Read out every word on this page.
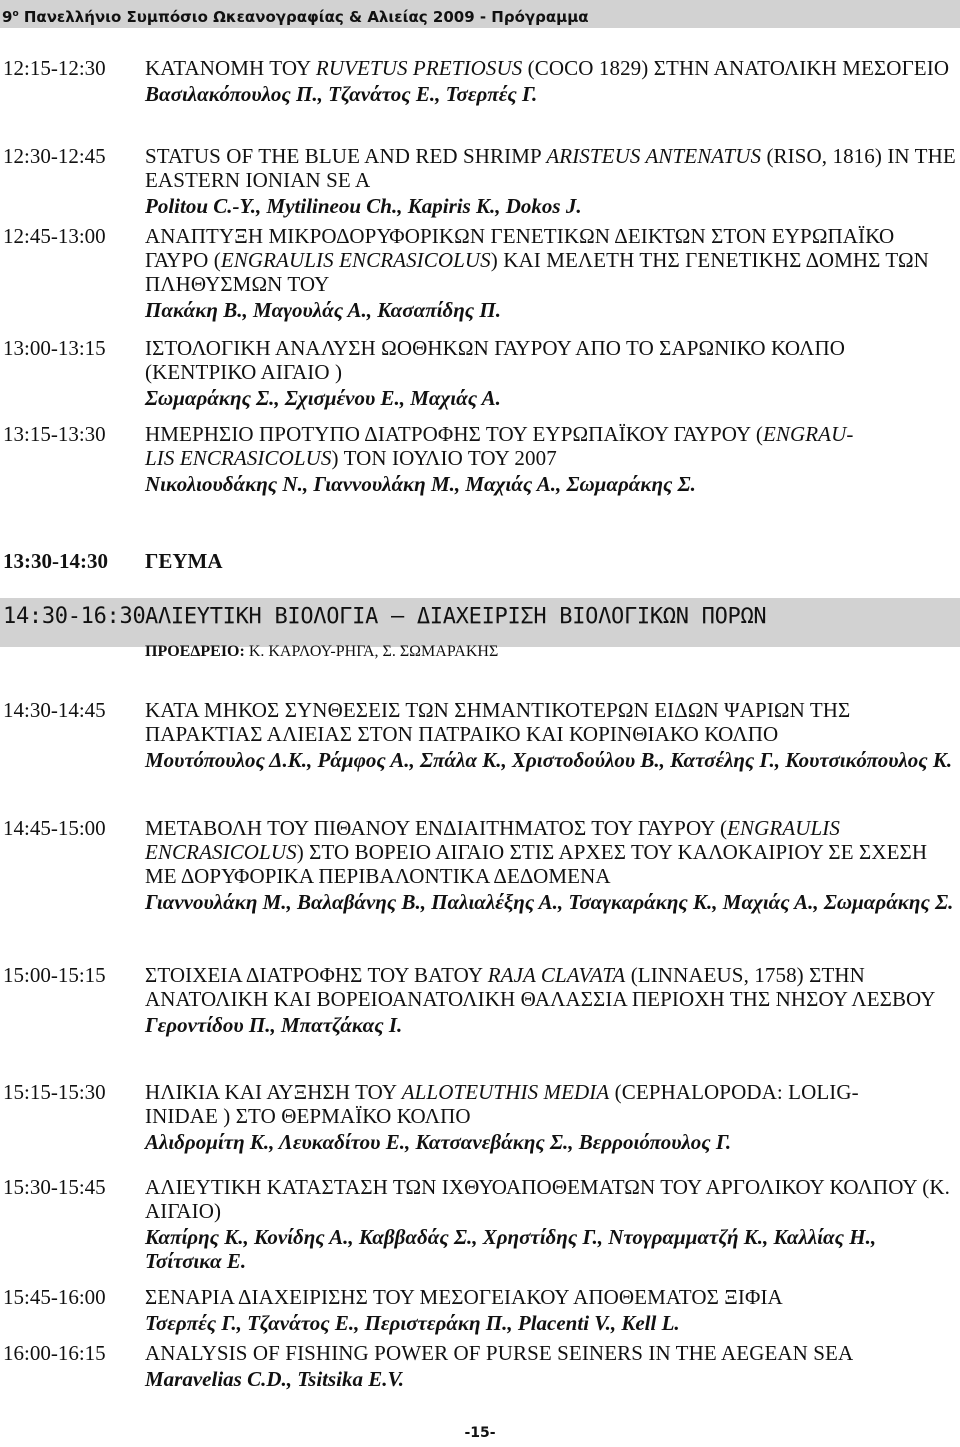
$9^o$ Πανελλήνιο Συμπόσιο Ωκεανογραφίας & Αλιείας 2009 - Πρόγραμμα
12:15-12:30	ΚΑΤΑΝΟΜΗ ΤΟΥ RUVETUS PRETIOSUS (COCO 1829) ΣΤΗΝ ΑΝΑΤΟΛΙΚΗ ΜΕΣΟΓΕΙΟ

Βασιλακόπουλος Π., Τζανάτος Ε., Τσερπές Γ.

12:30-12:45	STATUS OF THE BLUE AND RED SHRIMP ARISTEUS ANTENATUS (RISO, 1816) IN THE EASTERN IONIAN SE A

Politou C.-Y., Mytilineou Ch., Kapiris K., Dokos J.

12:45-13:00	ΑΝΑΠΤΥΞΗ ΜΙΚΡΟΔΟΡΥΦΟΡΙΚΩΝ ΓΕΝΕΤΙΚΩΝ ΔΕΙΚΤΩΝ ΣΤΟΝ ΕΥΡΩΠΑΪΚΟ ΓΑΥΡΟ (ENGRAULIS ENCRASICOLUS) ΚΑΙ ΜΕΛΕΤΗ ΤΗΣ ΓΕΝΕΤΙΚΗΣ ΔΟΜΗΣ ΤΩΝ ΠΛΗΘΥΣΜΩΝ ΤΟΥ

Πακάκη Β., Μαγουλάς Α., Κασαπίδης Π.

13:00-13:15	ΙΣΤΟΛΟΓΙΚΗ ΑΝΑΛΥΣΗ ΩΟΘΗΚΩΝ ΓΑΥΡΟΥ ΑΠΟ ΤΟ ΣΑΡΩΝΙΚΟ ΚΟΛΠΟ (ΚΕΝΤΡΙΚΟ ΑΙΓΑΙΟ )

Σωμαράκης Σ., Σχισμένου Ε., Μαχιάς Α.

13:15-13:30	ΗΜΕΡΗΣΙΟ ΠΡΟΤΥΠΟ ΔΙΑΤΡΟΦΗΣ ΤΟΥ ΕΥΡΩΠΑΪΚΟΥ ΓΑΥΡΟΥ (ENGRAU-
LIS ENCRASICOLUS) ΤΟΝ ΙΟΥΛΙΟ ΤΟΥ 2007

Νικολιουδάκης Ν., Γιαννουλάκη Μ., Μαχιάς Α., Σωμαράκης Σ.

13:30-14:30	ΓΕΥΜΑ
14:30-16:30ΑΛΙΕΥΤΙΚΗ ΒΙΟΛΟΓΙΑ – ΔΙΑΧΕΙΡΙΣΗ ΒΙΟΛΟΓΙΚΩΝ ΠΟΡΩΝ
ΠΡΟΕΔΡΕΙΟ: Κ. ΚΑΡΛΟΥ-ΡΗΓΑ, Σ. ΣΩΜΑΡΑΚΗΣ
14:30-14:45	ΚΑΤΑ ΜΗΚΟΣ ΣΥΝΘΕΣΕΙΣ ΤΩΝ ΣΗΜΑΝΤΙΚΟΤΕΡΩΝ ΕΙΔΩΝ ΨΑΡΙΩΝ ΤΗΣ ΠΑΡΑΚΤΙΑΣ ΑΛΙΕΙΑΣ ΣΤΟΝ ΠΑΤΡΑΙΚΟ ΚΑΙ ΚΟΡΙΝΘΙΑΚΟ ΚΟΛΠΟ

Μουτόπουλος Δ.Κ., Ράμφος Α., Σπάλα Κ., Χριστοδούλου Β., Κατσέλης Γ., Κουτσικόπουλος Κ.

14:45-15:00	ΜΕΤΑΒΟΛΗ ΤΟΥ ΠΙΘΑΝΟΥ ΕΝΔΙΑΙΤΗΜΑΤΟΣ ΤΟΥ ΓΑΥΡΟΥ (ENGRAULIS ENCRASICOLUS) ΣΤΟ ΒΟΡΕΙΟ ΑΙΓΑΙΟ ΣΤΙΣ ΑΡΧΕΣ ΤΟΥ ΚΑΛΟΚΑΙΡΙΟΥ ΣΕ ΣΧΕΣΗ ΜΕ ΔΟΡΥΦΟΡΙΚΑ ΠΕΡΙΒΑΛΟΝΤΙΚΑ ΔΕΔΟΜΕΝΑ

Γιαννουλάκη Μ., Βαλαβάνης Β., Παλιαλέξης Α., Τσαγκαράκης Κ., Μαχιάς Α., Σωμαράκης Σ.

15:00-15:15	ΣΤΟΙΧΕΙΑ ΔΙΑΤΡΟΦΗΣ ΤΟΥ ΒΑΤΟΥ RAJA CLAVATA (LINNAEUS, 1758) ΣΤΗΝ ΑΝΑΤΟΛΙΚΗ ΚΑΙ ΒΟΡΕΙΟΑΝΑΤΟΛΙΚΗ ΘΑΛΑΣΣΙΑ ΠΕΡΙΟΧΗ ΤΗΣ ΝΗΣΟΥ ΛΕΣΒΟΥ

Γεροντίδου Π., Μπατζάκας Ι.

15:15-15:30	ΗΛΙΚΙΑ ΚΑΙ ΑΥΞΗΣΗ ΤΟΥ ALLOTEUTHIS MEDIA (CEPHALOPODA: LOLIG-
INIDAE ) ΣΤΟ ΘΕΡΜΑΪΚΟ ΚΟΛΠΟ

Αλιδρομίτη Κ., Λευκαδίτου Ε., Κατσανεβάκης Σ., Βερροιόπουλος Γ.

15:30-15:45	ΑΛΙΕΥΤΙΚΗ ΚΑΤΑΣΤΑΣΗ ΤΩΝ ΙΧΘΥΟΑΠΟΘΕΜΑΤΩΝ ΤΟΥ ΑΡΓΟΛΙΚΟΥ ΚΟΛΠΟΥ (Κ. ΑΙΓΑΙΟ)

Καπίρης Κ., Κονίδης Α., Καββαδάς Σ., Χρηστίδης Γ., Ντογραμματζή Κ., Καλλίας Η., Τσίτσικα Ε.

15:45-16:00	ΣΕΝΑΡΙΑ ΔΙΑΧΕΙΡΙΣΗΣ ΤΟΥ ΜΕΣΟΓΕΙΑΚΟΥ ΑΠΟΘΕΜΑΤΟΣ ΞΙΦΙΑ

Τσερπές Γ., Τζανάτος Ε., Περιστεράκη Π., Placenti V., Kell L.

16:00-16:15	ANALYSIS OF FISHING POWER OF PURSE SEINERS IN THE AEGEAN SEA

Maravelias C.D., Tsitsika E.V.

-15-
